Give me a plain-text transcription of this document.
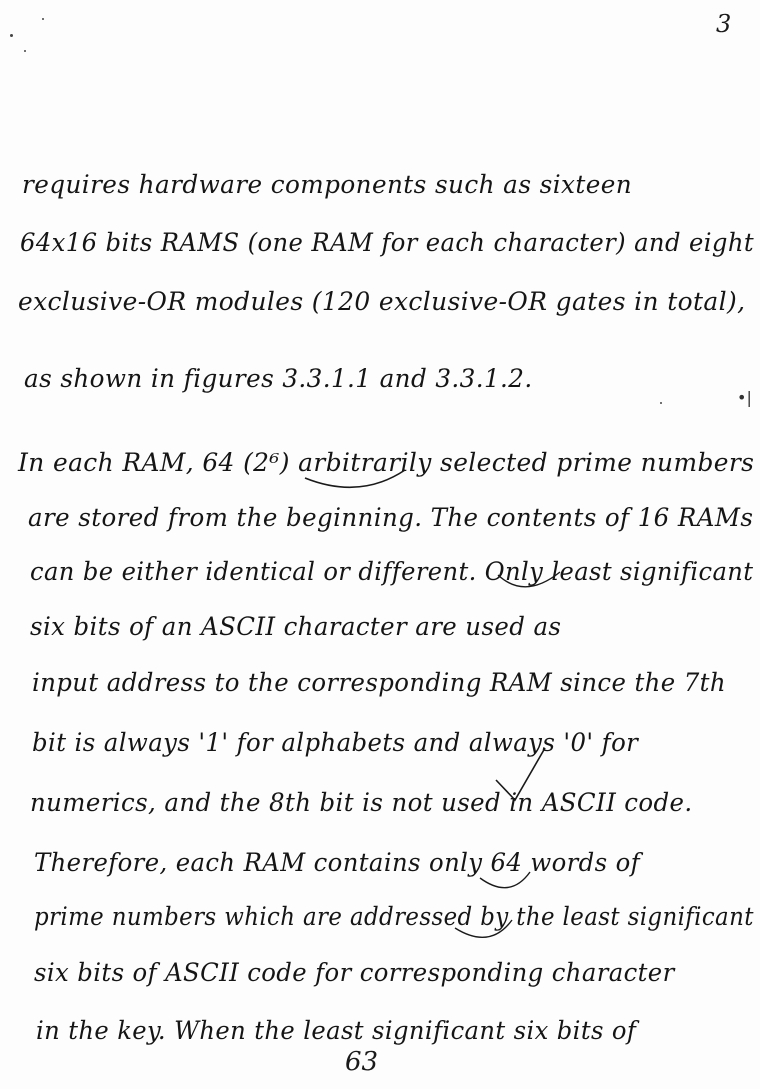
3
requires hardware components such as sixteen
64x16 bits RAMS (one RAM for each character) and eight
exclusive-OR modules (120 exclusive-OR gates in total),
as shown in figures 3.3.1.1 and 3.3.1.2.
•|
In each RAM, 64 (2⁶) arbitrarily selected prime numbers
are stored from the beginning. The contents of 16 RAMs
can be either identical or different. Only least significant
six bits of an ASCII character are used as
input address to the corresponding RAM since the 7th
bit is always '1' for alphabets and always '0' for
numerics, and the 8th bit is not used in ASCII code.
Therefore, each RAM contains only 64 words of
prime numbers which are addressed by the least significant
six bits of ASCII code for corresponding character
in the key. When the least significant six bits of
63
